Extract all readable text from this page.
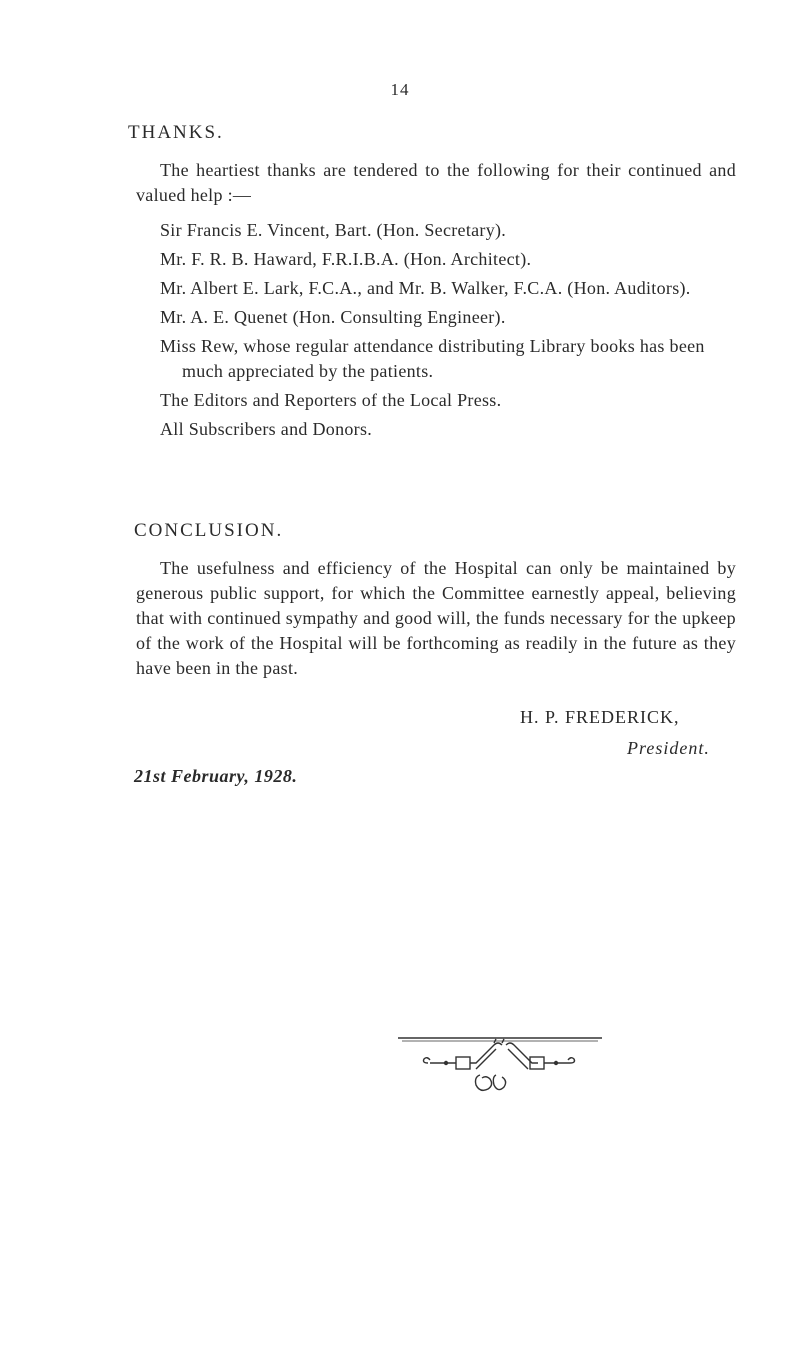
14
THANKS.
The heartiest thanks are tendered to the following for their continued and valued help :—
Sir Francis E. Vincent, Bart. (Hon. Secretary).
Mr. F. R. B. Haward, F.R.I.B.A. (Hon. Architect).
Mr. Albert E. Lark, F.C.A., and Mr. B. Walker, F.C.A. (Hon. Auditors).
Mr. A. E. Quenet (Hon. Consulting Engineer).
Miss Rew, whose regular attendance distributing Library books has been much appreciated by the patients.
The Editors and Reporters of the Local Press.
All Subscribers and Donors.
CONCLUSION.
The usefulness and efficiency of the Hospital can only be maintained by generous public support, for which the Committee earnestly appeal, believing that with continued sympathy and good will, the funds necessary for the upkeep of the work of the Hospital will be forthcoming as readily in the future as they have been in the past.
H. P. FREDERICK,
President.
21st February, 1928.
